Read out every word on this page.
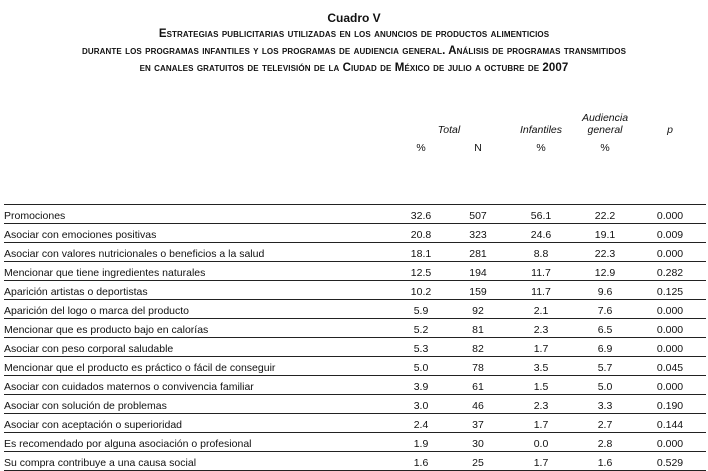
Cuadro V
Estrategias publicitarias utilizadas en los anuncios de productos alimenticios
durante los programas infantiles y los programas de audiencia general. Análisis de programas transmitidos
en canales gratuitos de televisión de la Ciudad de México de julio a octubre de 2007
	Total		Infantiles	Audiencia general	p
	%	N	%	%	

Promociones	32.6	507	56.1	22.2	0.000
Asociar con emociones positivas	20.8	323	24.6	19.1	0.009
Asociar con valores nutricionales o beneficios a la salud	18.1	281	8.8	22.3	0.000
Mencionar que tiene ingredientes naturales	12.5	194	11.7	12.9	0.282
Aparición artistas o deportistas	10.2	159	11.7	9.6	0.125
Aparición del logo o marca del producto	5.9	92	2.1	7.6	0.000
Mencionar que es producto bajo en calorías	5.2	81	2.3	6.5	0.000
Asociar con peso corporal saludable	5.3	82	1.7	6.9	0.000
Mencionar que el producto es práctico o fácil de conseguir	5.0	78	3.5	5.7	0.045
Asociar con cuidados maternos o convivencia familiar	3.9	61	1.5	5.0	0.000
Asociar con solución de problemas	3.0	46	2.3	3.3	0.190
Asociar con aceptación o superioridad	2.4	37	1.7	2.7	0.144
Es recomendado por alguna asociación o profesional	1.9	30	0.0	2.8	0.000
Su compra contribuye a una causa social	1.6	25	1.7	1.6	0.529
